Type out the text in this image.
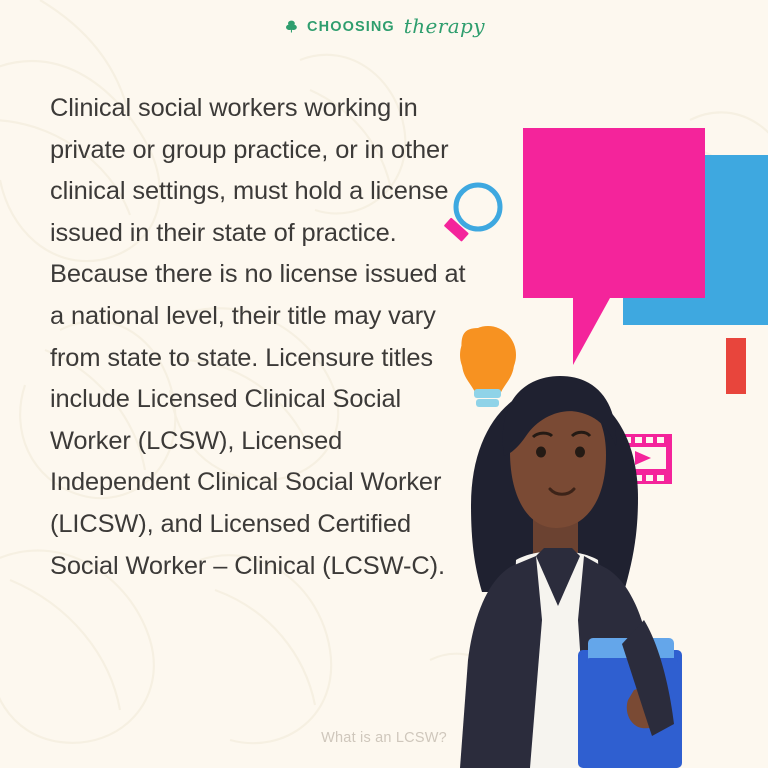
CHOOSING therapy
Clinical social workers working in private or group practice, or in other clinical settings, must hold a license issued in their state of practice. Because there is no license issued at a national level, their title may vary from state to state. Licensure titles include Licensed Clinical Social Worker (LCSW), Licensed Independent Clinical Social Worker (LICSW), and Licensed Certified Social Worker – Clinical (LCSW-C).
What is an LCSW?
